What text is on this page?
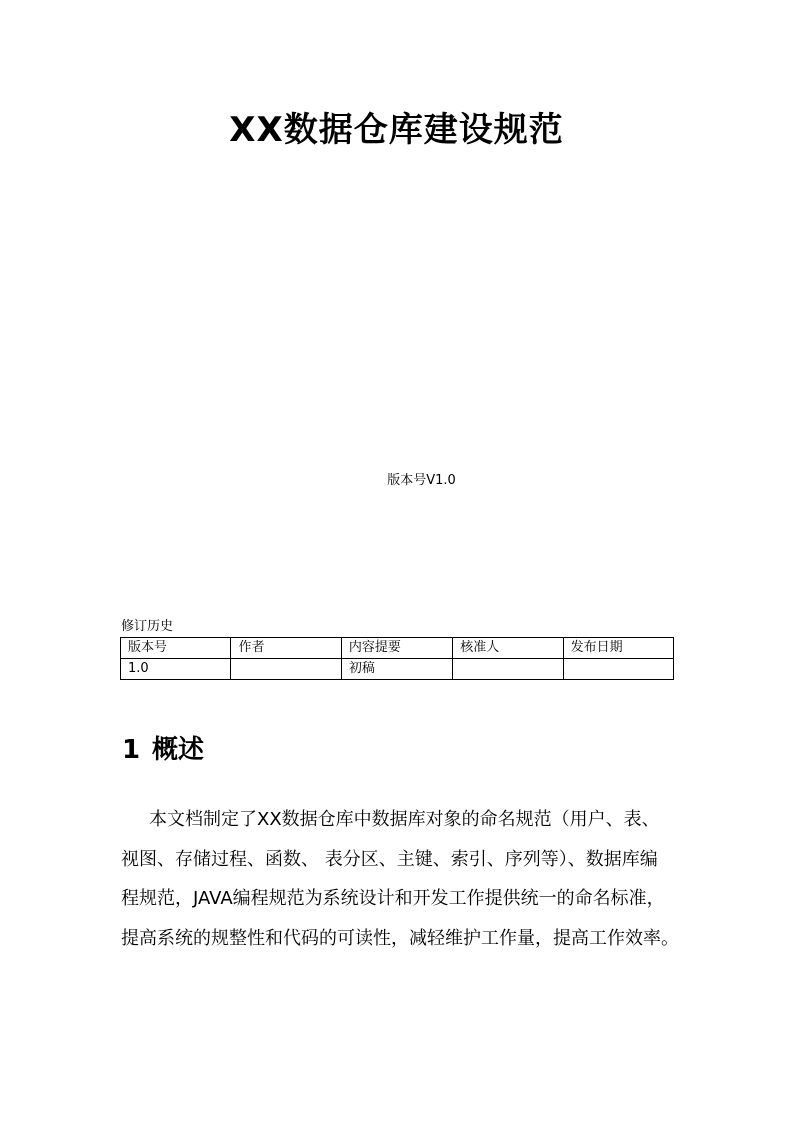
XX数据仓库建设规范
版本号V1.0
修订历史
版本号	作者	内容提要	核准人	发布日期
1.0		初稿		
1 概述
本文档制定了XX数据仓库中数据库对象的命名规范（用户、表、
视图、存储过程、函数、 表分区、主键、索引、序列等）、数据库编
程规范，JAVA编程规范为系统设计和开发工作提供统一的命名标准，
提高系统的规整性和代码的可读性，减轻维护工作量，提高工作效率。
